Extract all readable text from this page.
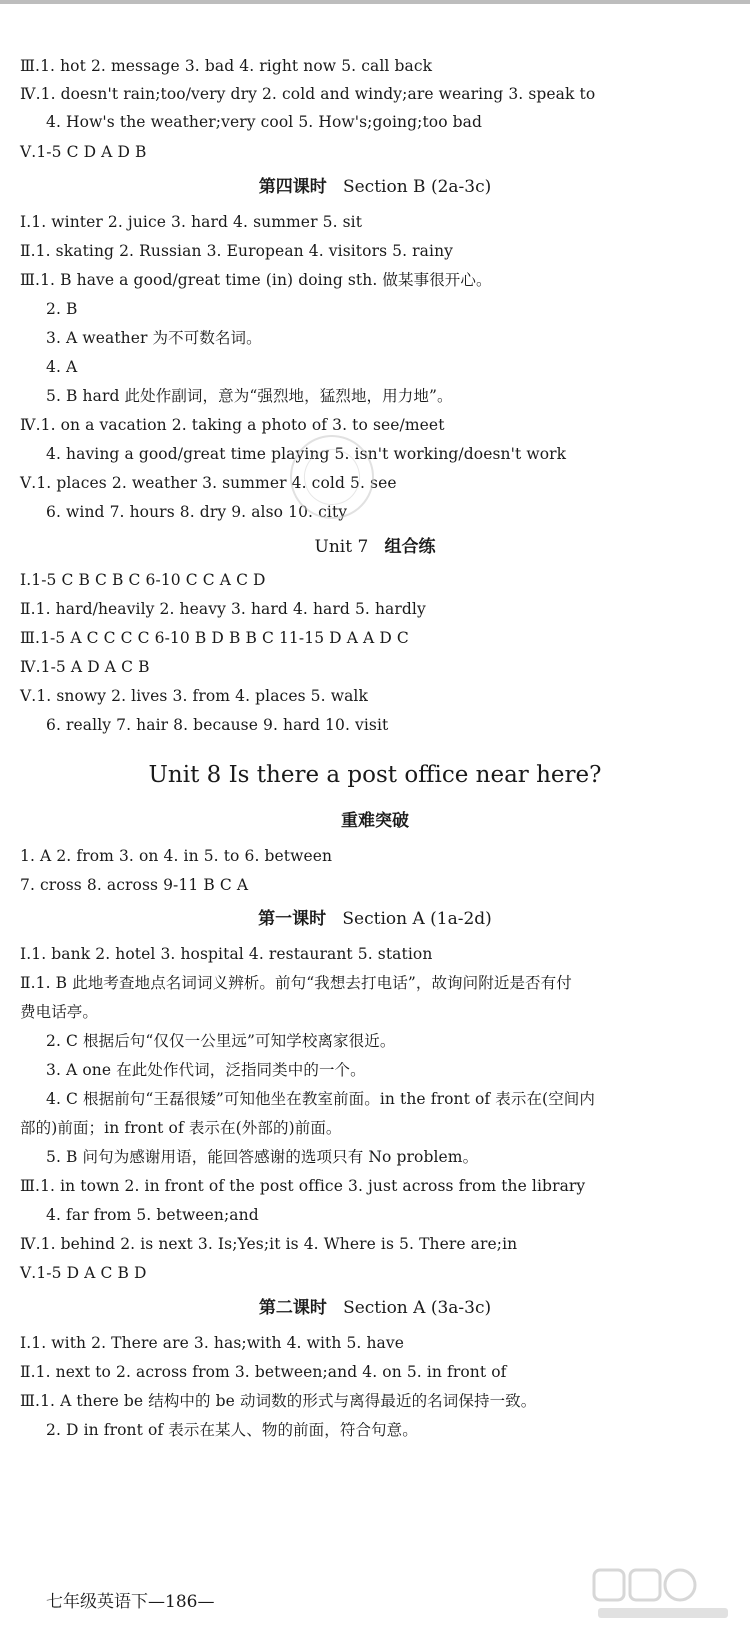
Ⅲ.1. hot 2. message 3. bad 4. right now 5. call back
Ⅳ.1. doesn't rain;too/very dry 2. cold and windy;are wearing 3. speak to
4. How's the weather;very cool 5. How's;going;too bad
Ⅴ.1-5 C D A D B
第四课时 Section B (2a-3c)
Ⅰ.1. winter 2. juice 3. hard 4. summer 5. sit
Ⅱ.1. skating 2. Russian 3. European 4. visitors 5. rainy
Ⅲ.1. B have a good/great time (in) doing sth. 做某事很开心。
2. B
3. A weather 为不可数名词。
4. A
5. B hard 此处作副词，意为“强烈地，猛烈地，用力地”。
Ⅳ.1. on a vacation 2. taking a photo of 3. to see/meet
4. having a good/great time playing 5. isn't working/doesn't work
Ⅴ.1. places 2. weather 3. summer 4. cold 5. see
6. wind 7. hours 8. dry 9. also 10. city
Unit 7 组合练
Ⅰ.1-5 C B C B C 6-10 C C A C D
Ⅱ.1. hard/heavily 2. heavy 3. hard 4. hard 5. hardly
Ⅲ.1-5 A C C C C 6-10 B D B B C 11-15 D A A D C
Ⅳ.1-5 A D A C B
Ⅴ.1. snowy 2. lives 3. from 4. places 5. walk
6. really 7. hair 8. because 9. hard 10. visit
Unit 8 Is there a post office near here?
重难突破
1. A 2. from 3. on 4. in 5. to 6. between
7. cross 8. across 9-11 B C A
第一课时 Section A (1a-2d)
Ⅰ.1. bank 2. hotel 3. hospital 4. restaurant 5. station
Ⅱ.1. B 此地考查地点名词词义辨析。前句“我想去打电话”，故询问附近是否有付
费电话亭。
2. C 根据后句“仅仅一公里远”可知学校离家很近。
3. A one 在此处作代词，泛指同类中的一个。
4. C 根据前句“王磊很矮”可知他坐在教室前面。in the front of 表示在(空间内
部的)前面；in front of 表示在(外部的)前面。
5. B 问句为感谢用语，能回答感谢的选项只有 No problem。
Ⅲ.1. in town 2. in front of the post office 3. just across from the library
4. far from 5. between;and
Ⅳ.1. behind 2. is next 3. Is;Yes;it is 4. Where is 5. There are;in
Ⅴ.1-5 D A C B D
第二课时 Section A (3a-3c)
Ⅰ.1. with 2. There are 3. has;with 4. with 5. have
Ⅱ.1. next to 2. across from 3. between;and 4. on 5. in front of
Ⅲ.1. A there be 结构中的 be 动词数的形式与离得最近的名词保持一致。
2. D in front of 表示在某人、物的前面，符合句意。
七年级英语下—186—
